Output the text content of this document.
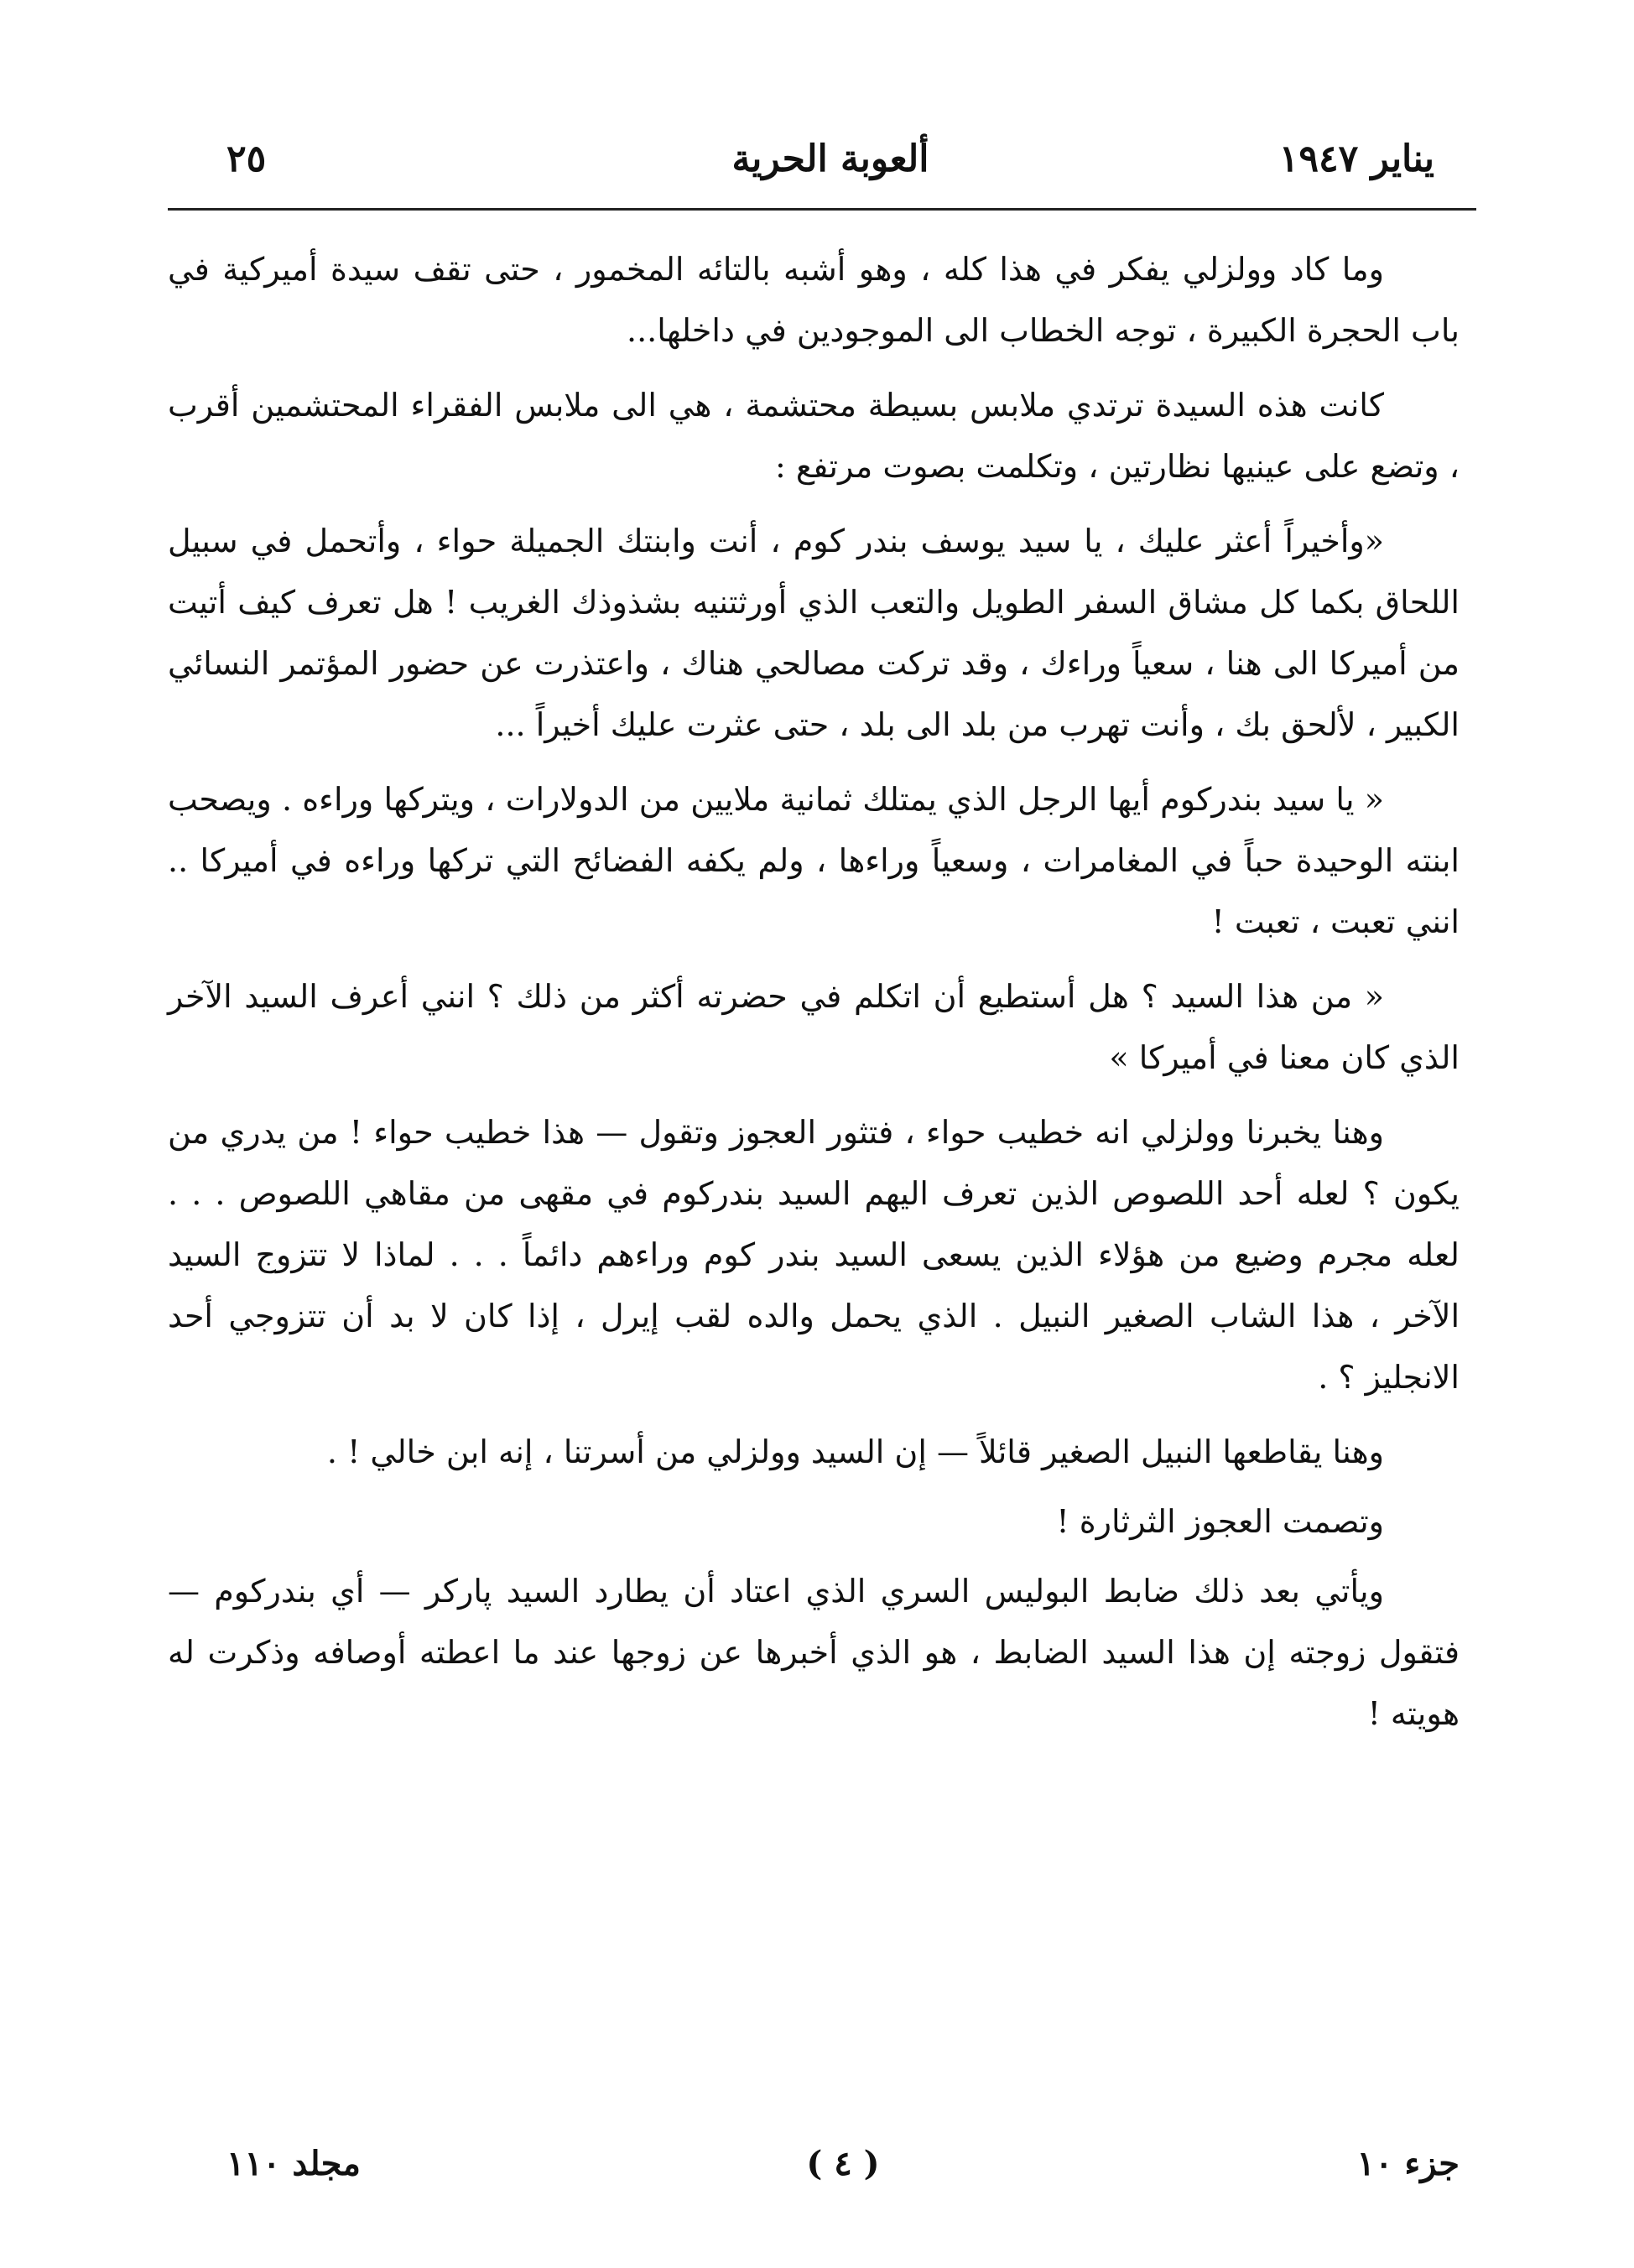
يناير ١٩٤٧
ألعوبة الحرية
٢٥

وما كاد وولزلي يفكر في هذا كله ، وهو أشبه بالتائه المخمور ، حتى تقف سيدة أميركية في باب الحجرة الكبيرة ، توجه الخطاب الى الموجودين في داخلها...

كانت هذه السيدة ترتدي ملابس بسيطة محتشمة ، هي الى ملابس الفقراء المحتشمين أقرب ، وتضع على عينيها نظارتين ، وتكلمت بصوت مرتفع :

«وأخيراً أعثر عليك ، يا سيد يوسف بندر كوم ، أنت وابنتك الجميلة حواء ، وأتحمل في سبيل اللحاق بكما كل مشاق السفر الطويل والتعب الذي أورثتنيه بشذوذك الغريب ! هل تعرف كيف أتيت من أميركا الى هنا ، سعياً وراءك ، وقد تركت مصالحي هناك ، واعتذرت عن حضور المؤتمر النسائي الكبير ، لألحق بك ، وأنت تهرب من بلد الى بلد ، حتى عثرت عليك أخيراً ...

« يا سيد بندركوم أيها الرجل الذي يمتلك ثمانية ملايين من الدولارات ، ويتركها وراءه . ويصحب ابنته الوحيدة حباً في المغامرات ، وسعياً وراءها ، ولم يكفه الفضائح التي تركها وراءه في أميركا .. انني تعبت ، تعبت !

« من هذا السيد ؟ هل أستطيع أن اتكلم في حضرته أكثر من ذلك ؟ انني أعرف السيد الآخر الذي كان معنا في أميركا »

وهنا يخبرنا وولزلي انه خطيب حواء ، فتثور العجوز وتقول — هذا خطيب حواء ! من يدري من يكون ؟ لعله أحد اللصوص الذين تعرف اليهم السيد بندركوم في مقهى من مقاهي اللصوص . . . لعله مجرم وضيع من هؤلاء الذين يسعى السيد بندر كوم وراءهم دائماً . . . لماذا لا تتزوج السيد الآخر ، هذا الشاب الصغير النبيل . الذي يحمل والده لقب إيرل ، إذا كان لا بد أن تتزوجي أحد الانجليز ؟ .

وهنا يقاطعها النبيل الصغير قائلاً — إن السيد وولزلي من أسرتنا ، إنه ابن خالي ! .

وتصمت العجوز الثرثارة !

ويأتي بعد ذلك ضابط البوليس السري الذي اعتاد أن يطارد السيد پاركر — أي بندركوم — فتقول زوجته إن هذا السيد الضابط ، هو الذي أخبرها عن زوجها عند ما اعطته أوصافه وذكرت له هويته !

جزء ١٠
( ٤ )
مجلد ١١٠
